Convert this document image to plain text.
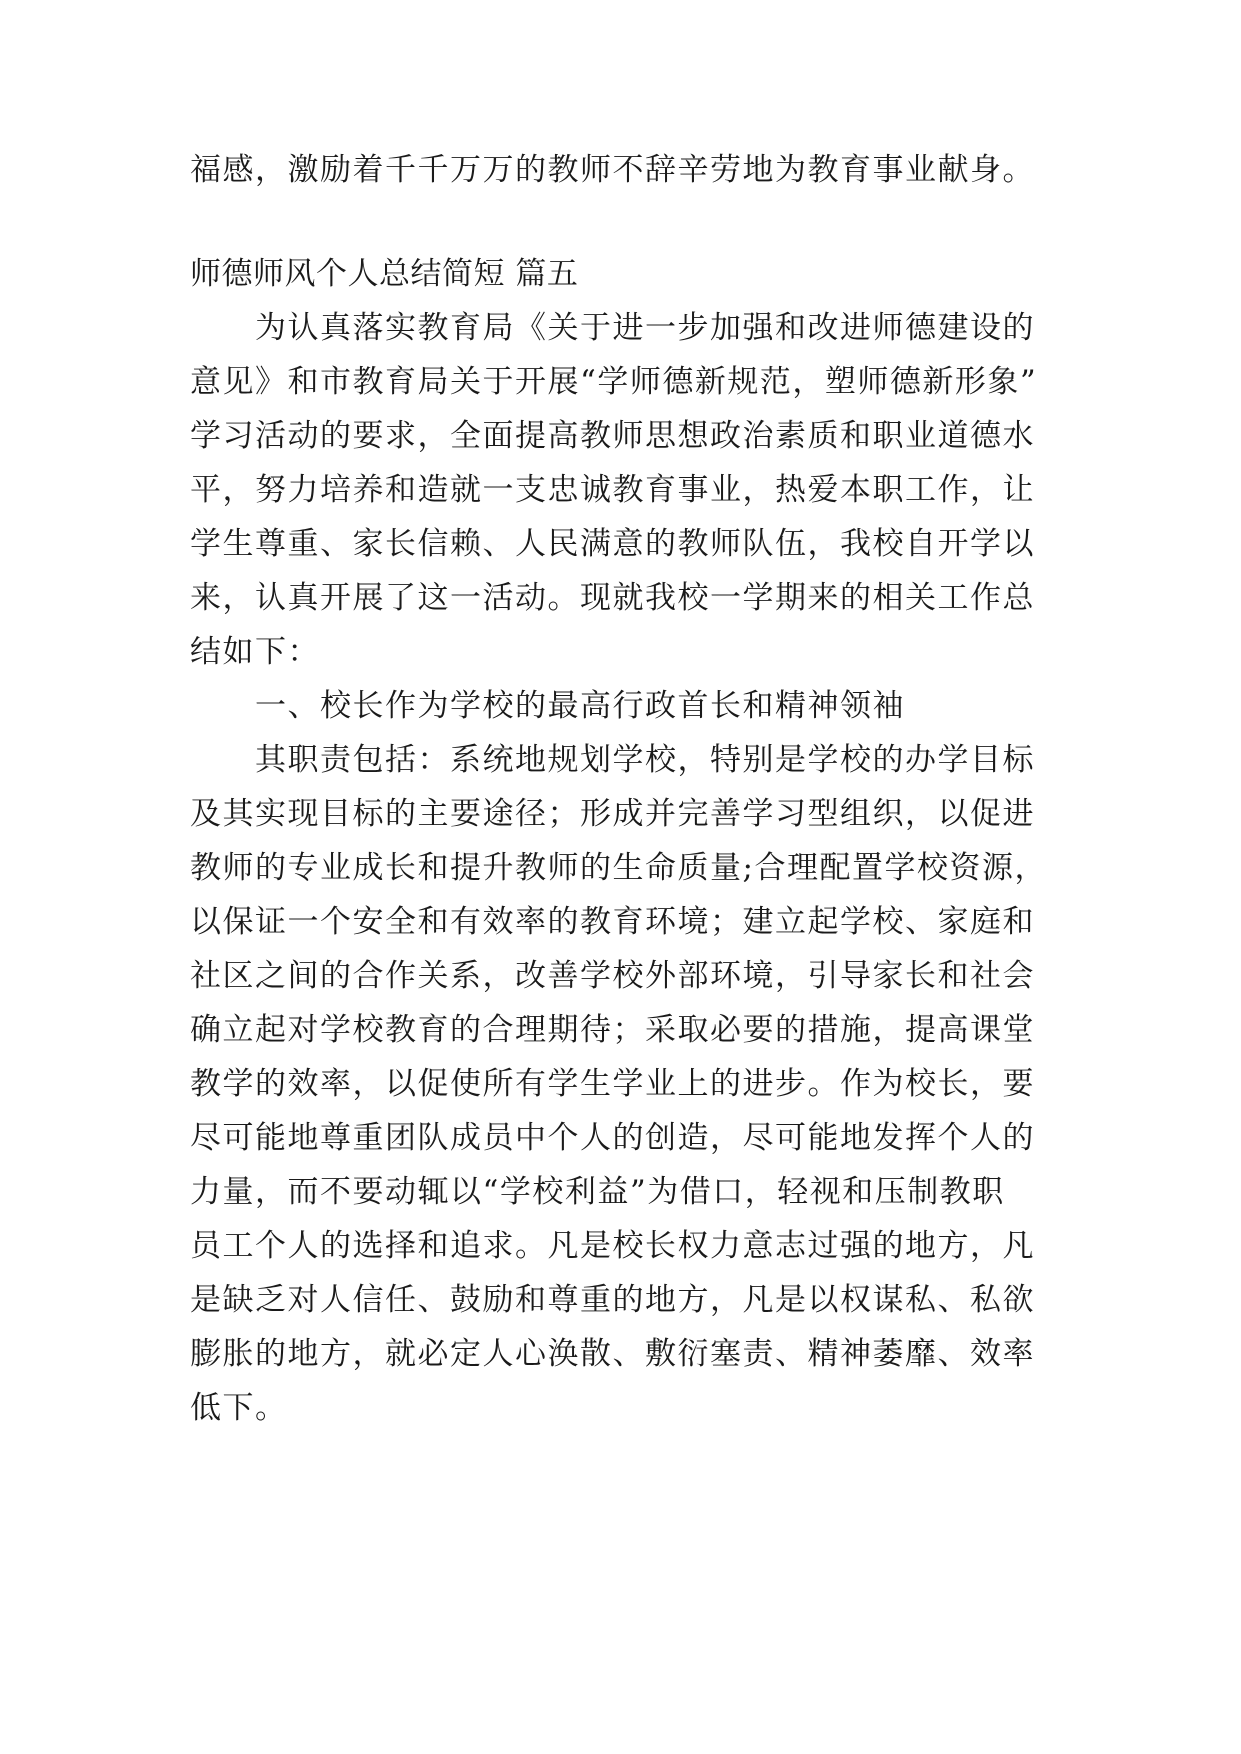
福感，激励着千千万万的教师不辞辛劳地为教育事业献身。
师德师风个人总结简短 篇五
为认真落实教育局《关于进一步加强和改进师德建设的
意见》和市教育局关于开展“学师德新规范，塑师德新形象”
学习活动的要求，全面提高教师思想政治素质和职业道德水
平，努力培养和造就一支忠诚教育事业，热爱本职工作，让
学生尊重、家长信赖、人民满意的教师队伍，我校自开学以
来，认真开展了这一活动。现就我校一学期来的相关工作总
结如下：
一、校长作为学校的最高行政首长和精神领袖
其职责包括：系统地规划学校，特别是学校的办学目标
及其实现目标的主要途径；形成并完善学习型组织，以促进
教师的专业成长和提升教师的生命质量;合理配置学校资源，
以保证一个安全和有效率的教育环境；建立起学校、家庭和
社区之间的合作关系，改善学校外部环境，引导家长和社会
确立起对学校教育的合理期待；采取必要的措施，提高课堂
教学的效率，以促使所有学生学业上的进步。作为校长，要
尽可能地尊重团队成员中个人的创造，尽可能地发挥个人的
力量，而不要动辄以“学校利益”为借口，轻视和压制教职
员工个人的选择和追求。凡是校长权力意志过强的地方，凡
是缺乏对人信任、鼓励和尊重的地方，凡是以权谋私、私欲
膨胀的地方，就必定人心涣散、敷衍塞责、精神萎靡、效率
低下。
